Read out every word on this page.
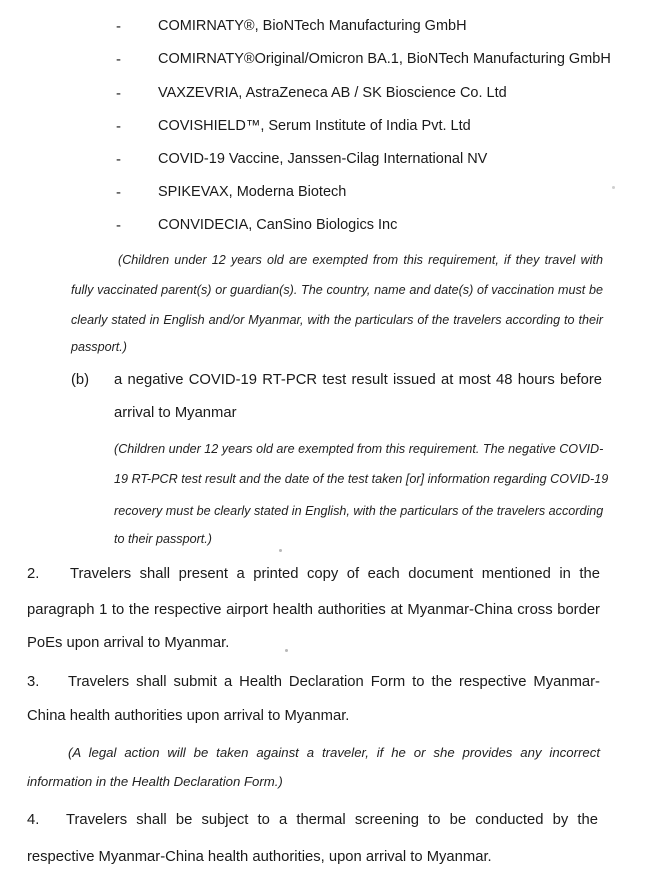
-	COMIRNATY®, BioNTech Manufacturing GmbH
-	COMIRNATY®Original/Omicron BA.1, BioNTech Manufacturing GmbH
-	VAXZEVRIA, AstraZeneca AB / SK Bioscience Co. Ltd
-	COVISHIELD™, Serum Institute of India Pvt. Ltd
-	COVID-19 Vaccine, Janssen-Cilag International NV
-	SPIKEVAX, Moderna Biotech
-	CONVIDECIA, CanSino Biologics Inc
(Children under 12 years old are exempted from this requirement, if they travel with
fully vaccinated parent(s) or guardian(s). The country, name and date(s) of vaccination must be
clearly stated in English and/or Myanmar, with the particulars of the travelers according to their
passport.)
(b) a negative COVID-19 RT-PCR test result issued at most 48 hours before
arrival to Myanmar
(Children under 12 years old are exempted from this requirement. The negative COVID-
19 RT-PCR test result and the date of the test taken [or] information regarding COVID-19
recovery must be clearly stated in English, with the particulars of the travelers according
to their passport.)
2. Travelers shall present a printed copy of each document mentioned in the
paragraph 1 to the respective airport health authorities at Myanmar-China cross border
PoEs upon arrival to Myanmar.
3. Travelers shall submit a Health Declaration Form to the respective Myanmar-
China health authorities upon arrival to Myanmar.
(A legal action will be taken against a traveler, if he or she provides any incorrect
information in the Health Declaration Form.)
4. Travelers shall be subject to a thermal screening to be conducted by the
respective Myanmar-China health authorities, upon arrival to Myanmar.
